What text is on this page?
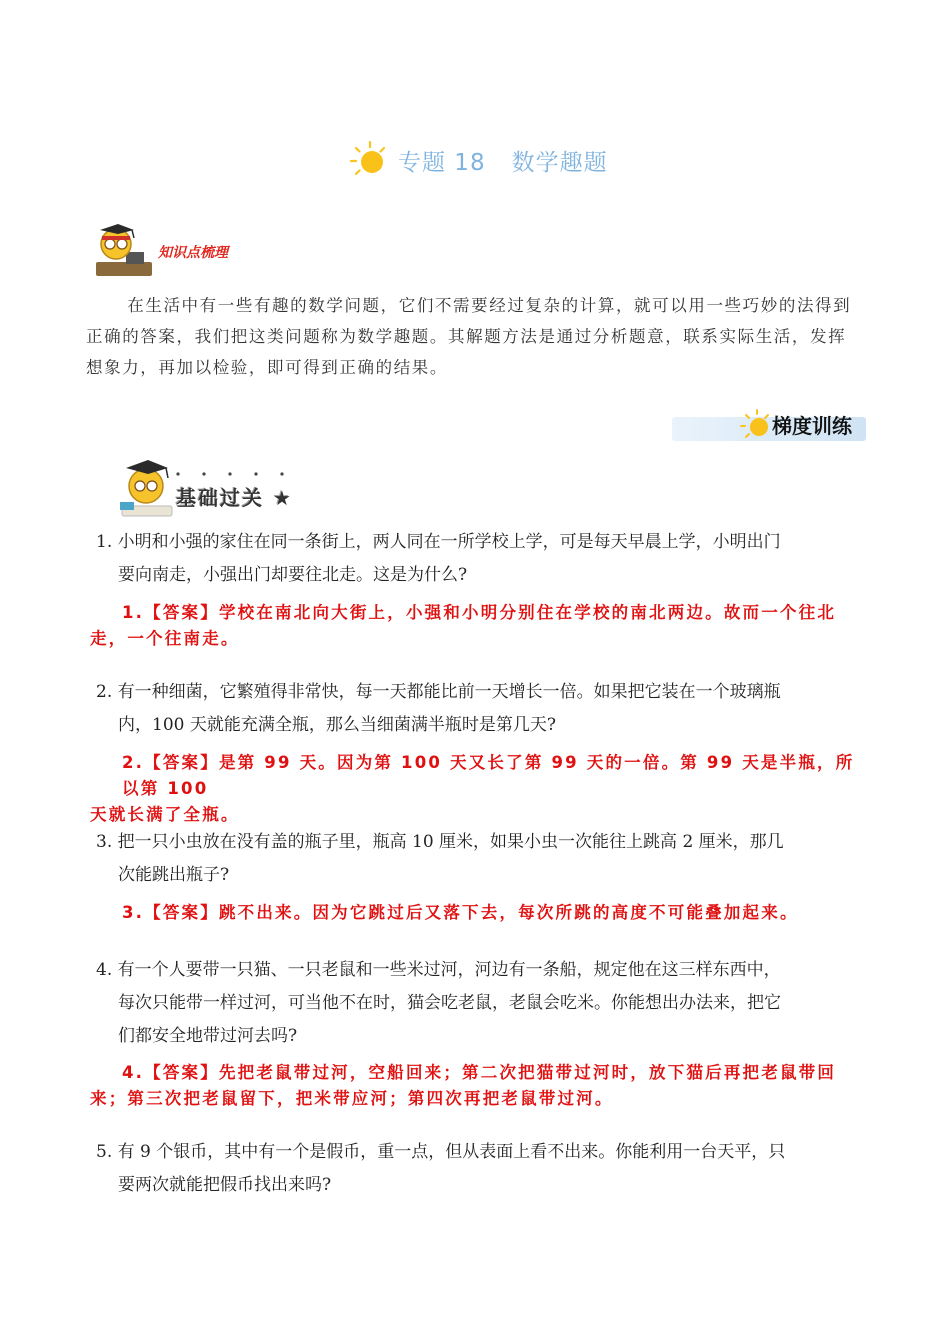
专题 18 数学趣题
知识点梳理

在生活中有一些有趣的数学问题，它们不需要经过复杂的计算，就可以用一些巧妙的法得到正确的答案，我们把这类问题称为数学趣题。其解题方法是通过分析题意，联系实际生活，发挥想象力，再加以检验，即可得到正确的结果。

梯度训练
基础过关 ★

1. 小明和小强的家住在同一条街上，两人同在一所学校上学，可是每天早晨上学，小明出门

要向南走，小强出门却要往北走。这是为什么?

1.【答案】学校在南北向大街上，小强和小明分别住在学校的南北两边。故而一个往北

走，一个往南走。

2. 有一种细菌，它繁殖得非常快，每一天都能比前一天增长一倍。如果把它装在一个玻璃瓶

内，100 天就能充满全瓶，那么当细菌满半瓶时是第几天?

2.【答案】是第 99 天。因为第 100 天又长了第 99 天的一倍。第 99 天是半瓶，所以第 100

天就长满了全瓶。

3. 把一只小虫放在没有盖的瓶子里，瓶高 10 厘米，如果小虫一次能往上跳高 2 厘米，那几

次能跳出瓶子?

3.【答案】跳不出来。因为它跳过后又落下去，每次所跳的高度不可能叠加起来。

4. 有一个人要带一只猫、一只老鼠和一些米过河，河边有一条船，规定他在这三样东西中，

每次只能带一样过河，可当他不在时，猫会吃老鼠，老鼠会吃米。你能想出办法来，把它

们都安全地带过河去吗?

4.【答案】先把老鼠带过河，空船回来；第二次把猫带过河时，放下猫后再把老鼠带回

来；第三次把老鼠留下，把米带应河；第四次再把老鼠带过河。

5. 有 9 个银币，其中有一个是假币，重一点，但从表面上看不出来。你能利用一台天平，只

要两次就能把假币找出来吗?
